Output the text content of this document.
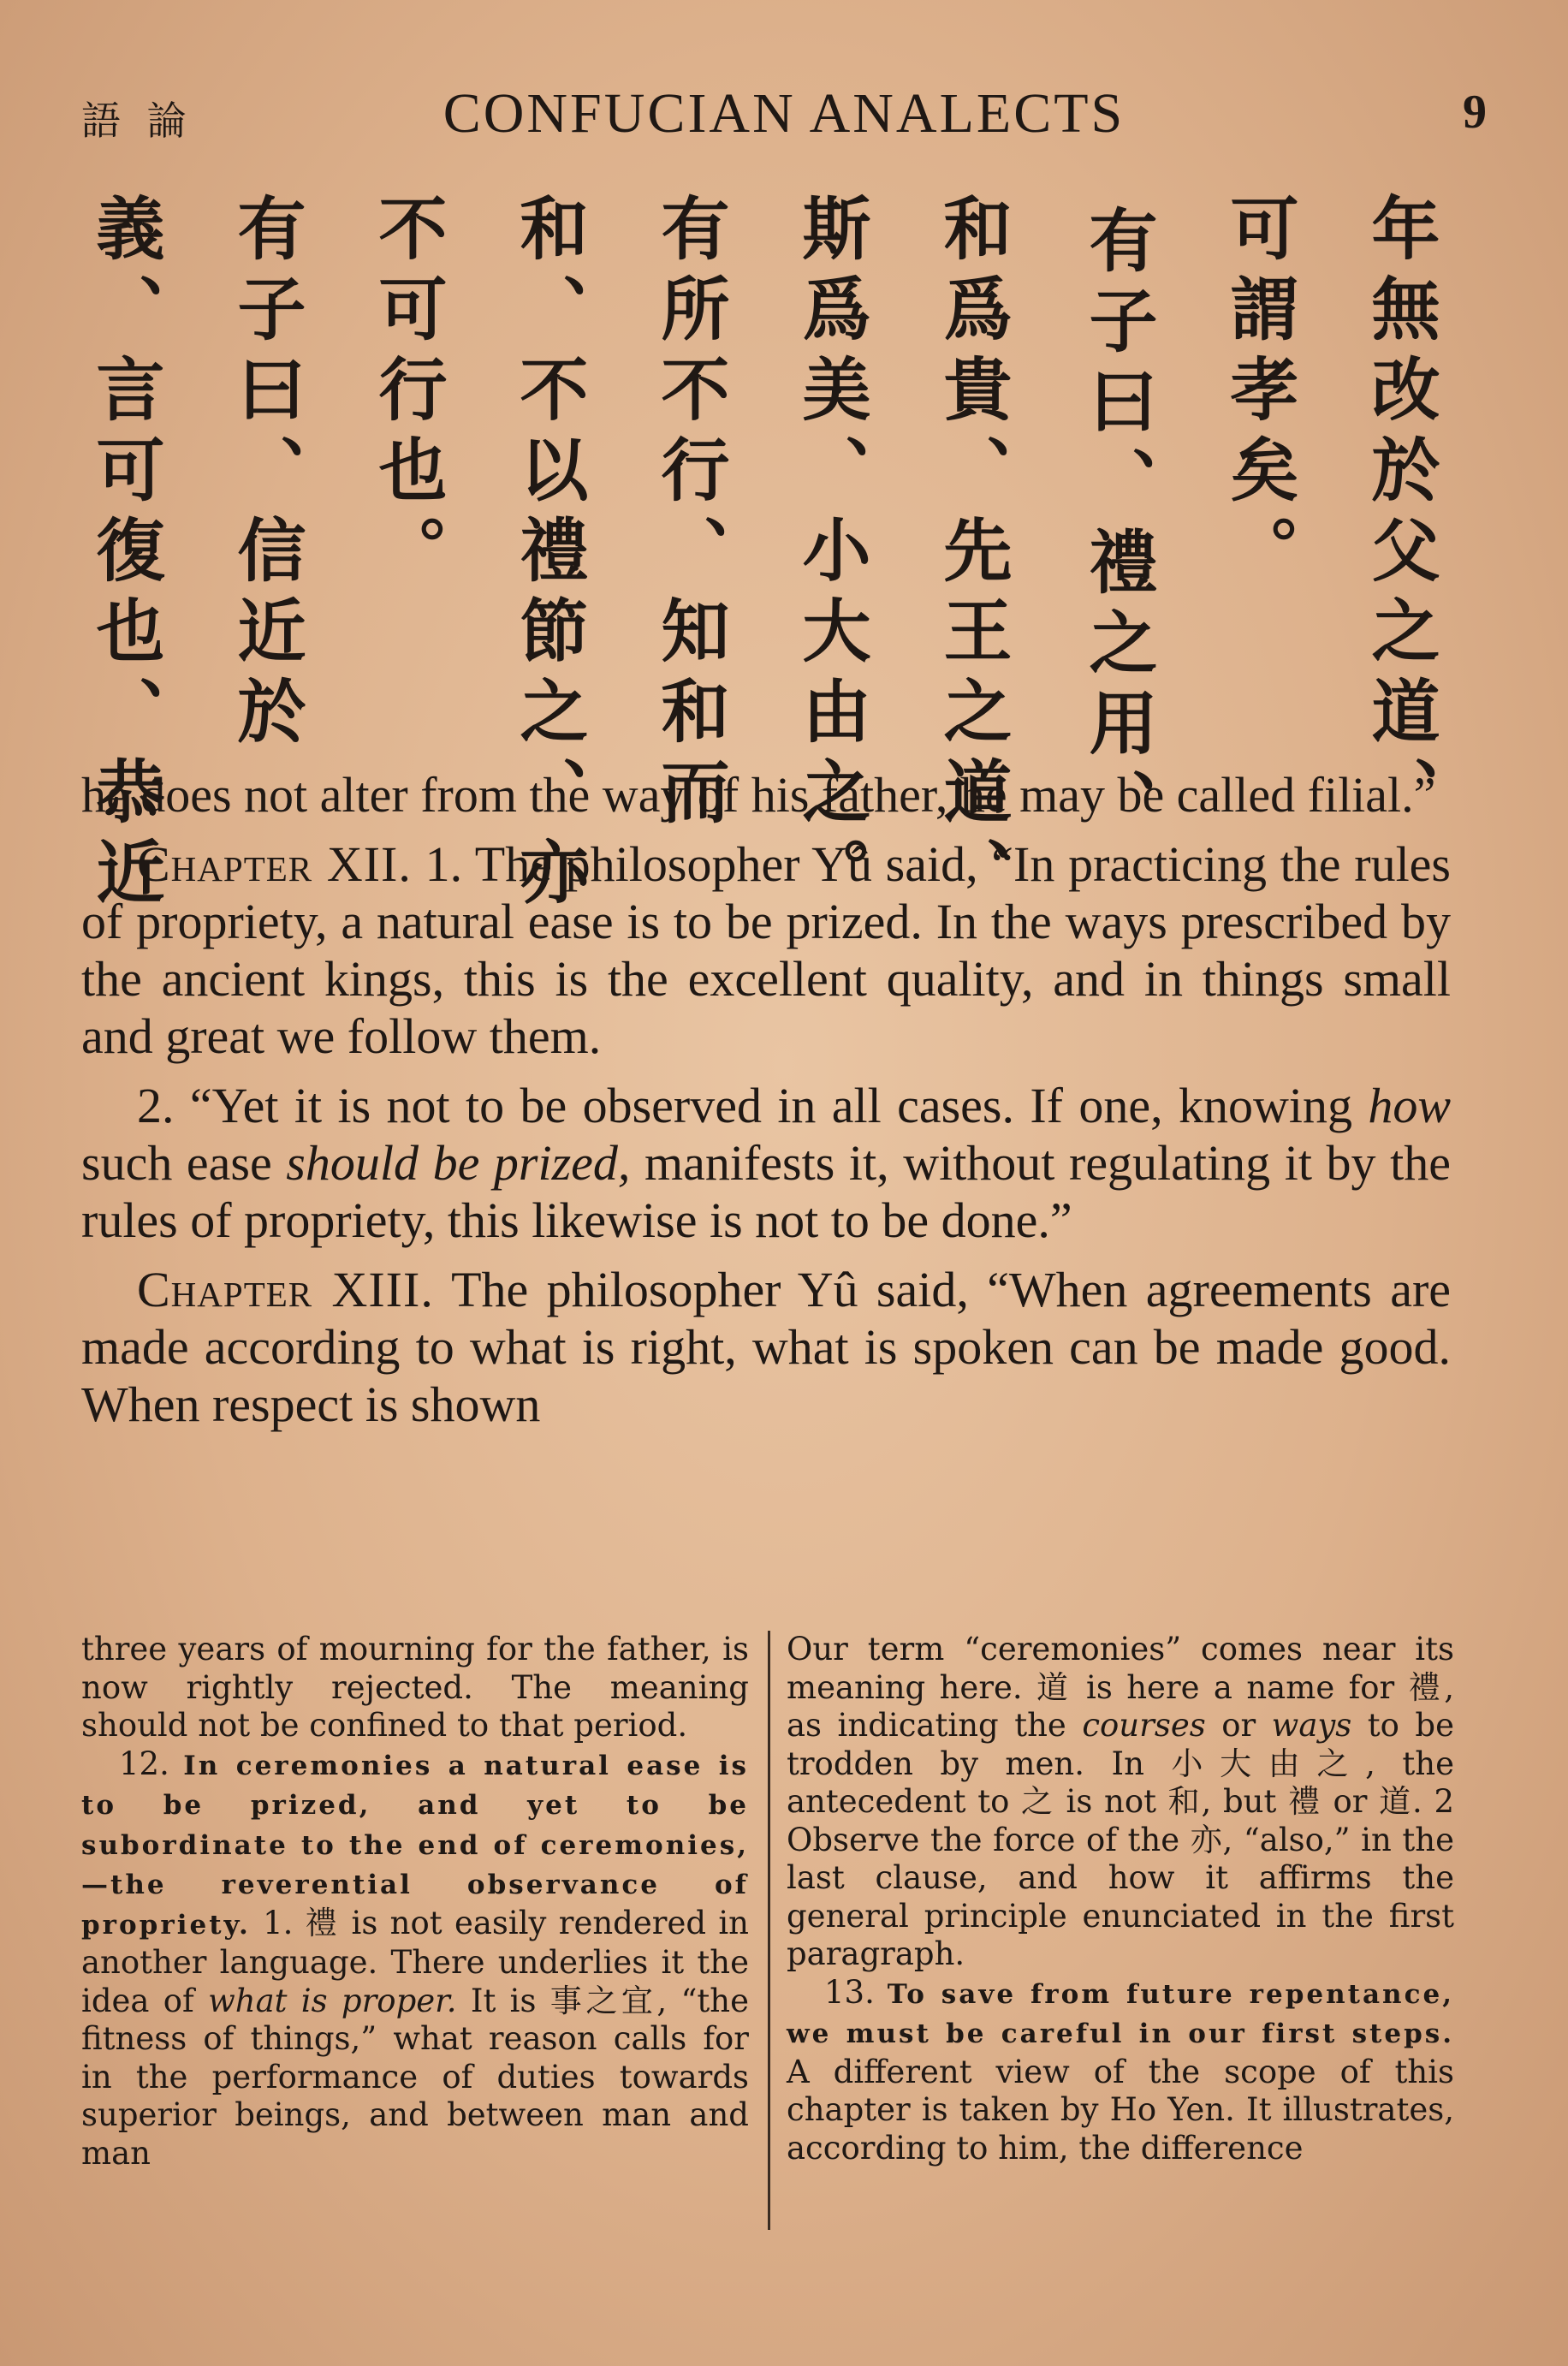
語 論	CONFUCIAN ANALECTS	9
年無改於父之道、
可謂孝矣。
󠀠有子曰、禮之用、
和爲貴、先王之道、
斯爲美、小大由之。
有所不行、知和而
和、不以禮節之、亦
不可行也。
有子曰、信近於
義、言可復也、恭近

he does not alter from the way of his father, he may be called filial.”

Chapter XII. 1. The philosopher Yû said, “In practicing the rules of propriety, a natural ease is to be prized. In the ways prescribed by the ancient kings, this is the excellent quality, and in things small and great we follow them.

2. “Yet it is not to be observed in all cases. If one, knowing how such ease should be prized, manifests it, without regulating it by the rules of propriety, this likewise is not to be done.”

Chapter XIII. The philosopher Yû said, “When agreements are made according to what is right, what is spoken can be made good. When respect is shown

three years of mourning for the father, is now rightly rejected. The meaning should not be confined to that period.

12. In ceremonies a natural ease is to be prized, and yet to be subordinate to the end of ceremonies,—the reverential observance of propriety. 1. 禮 is not easily rendered in another language. There underlies it the idea of what is proper. It is 事之宜, “the fitness of things,” what reason calls for in the performance of duties towards superior beings, and between man and man

Our term “ceremonies” comes near its meaning here. 道 is here a name for 禮, as indicating the courses or ways to be trodden by men. In 小大由之, the antecedent to 之 is not 和, but 禮 or 道. 2 Observe the force of the 亦, “also,” in the last clause, and how it affirms the general principle enunciated in the first paragraph.

13. To save from future repentance, we must be careful in our first steps. A different view of the scope of this chapter is taken by Ho Yen. It illustrates, according to him, the difference
